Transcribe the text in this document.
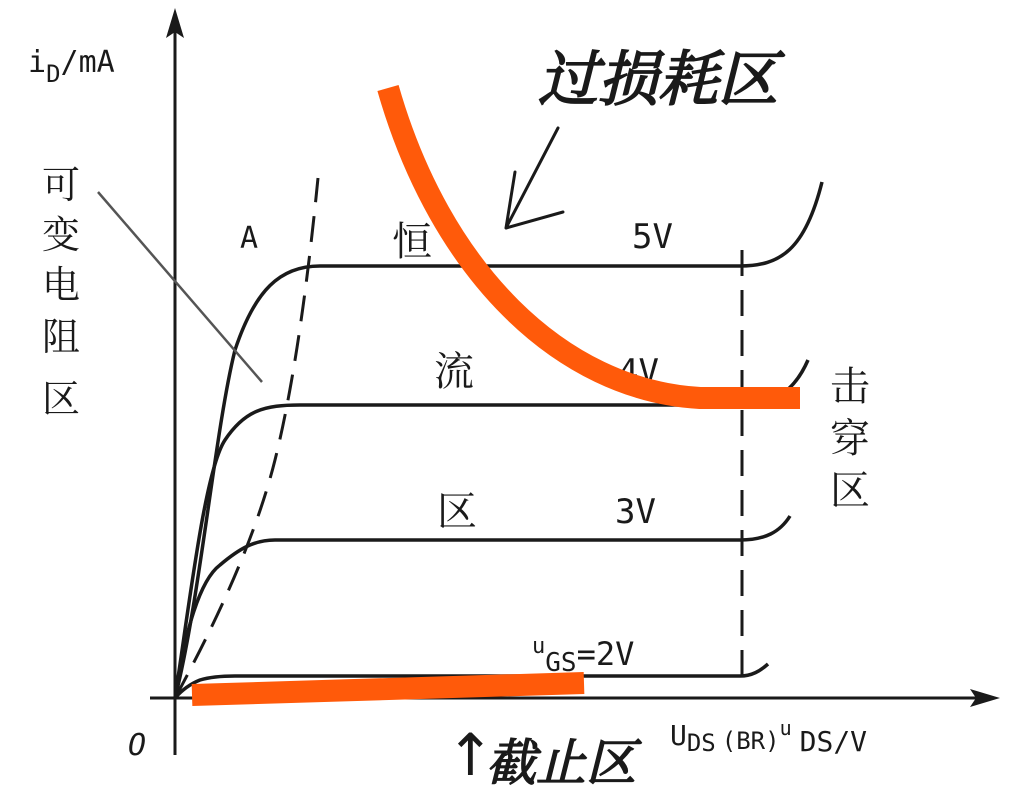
$i_D/mA$
O	UDS (BR)$^u$ DS/V
可
变
电
阻
区
A	恒
流
区
5V
4V
3V
$^u$GS=2V
击
穿
区
过损耗区
↑
截止区
